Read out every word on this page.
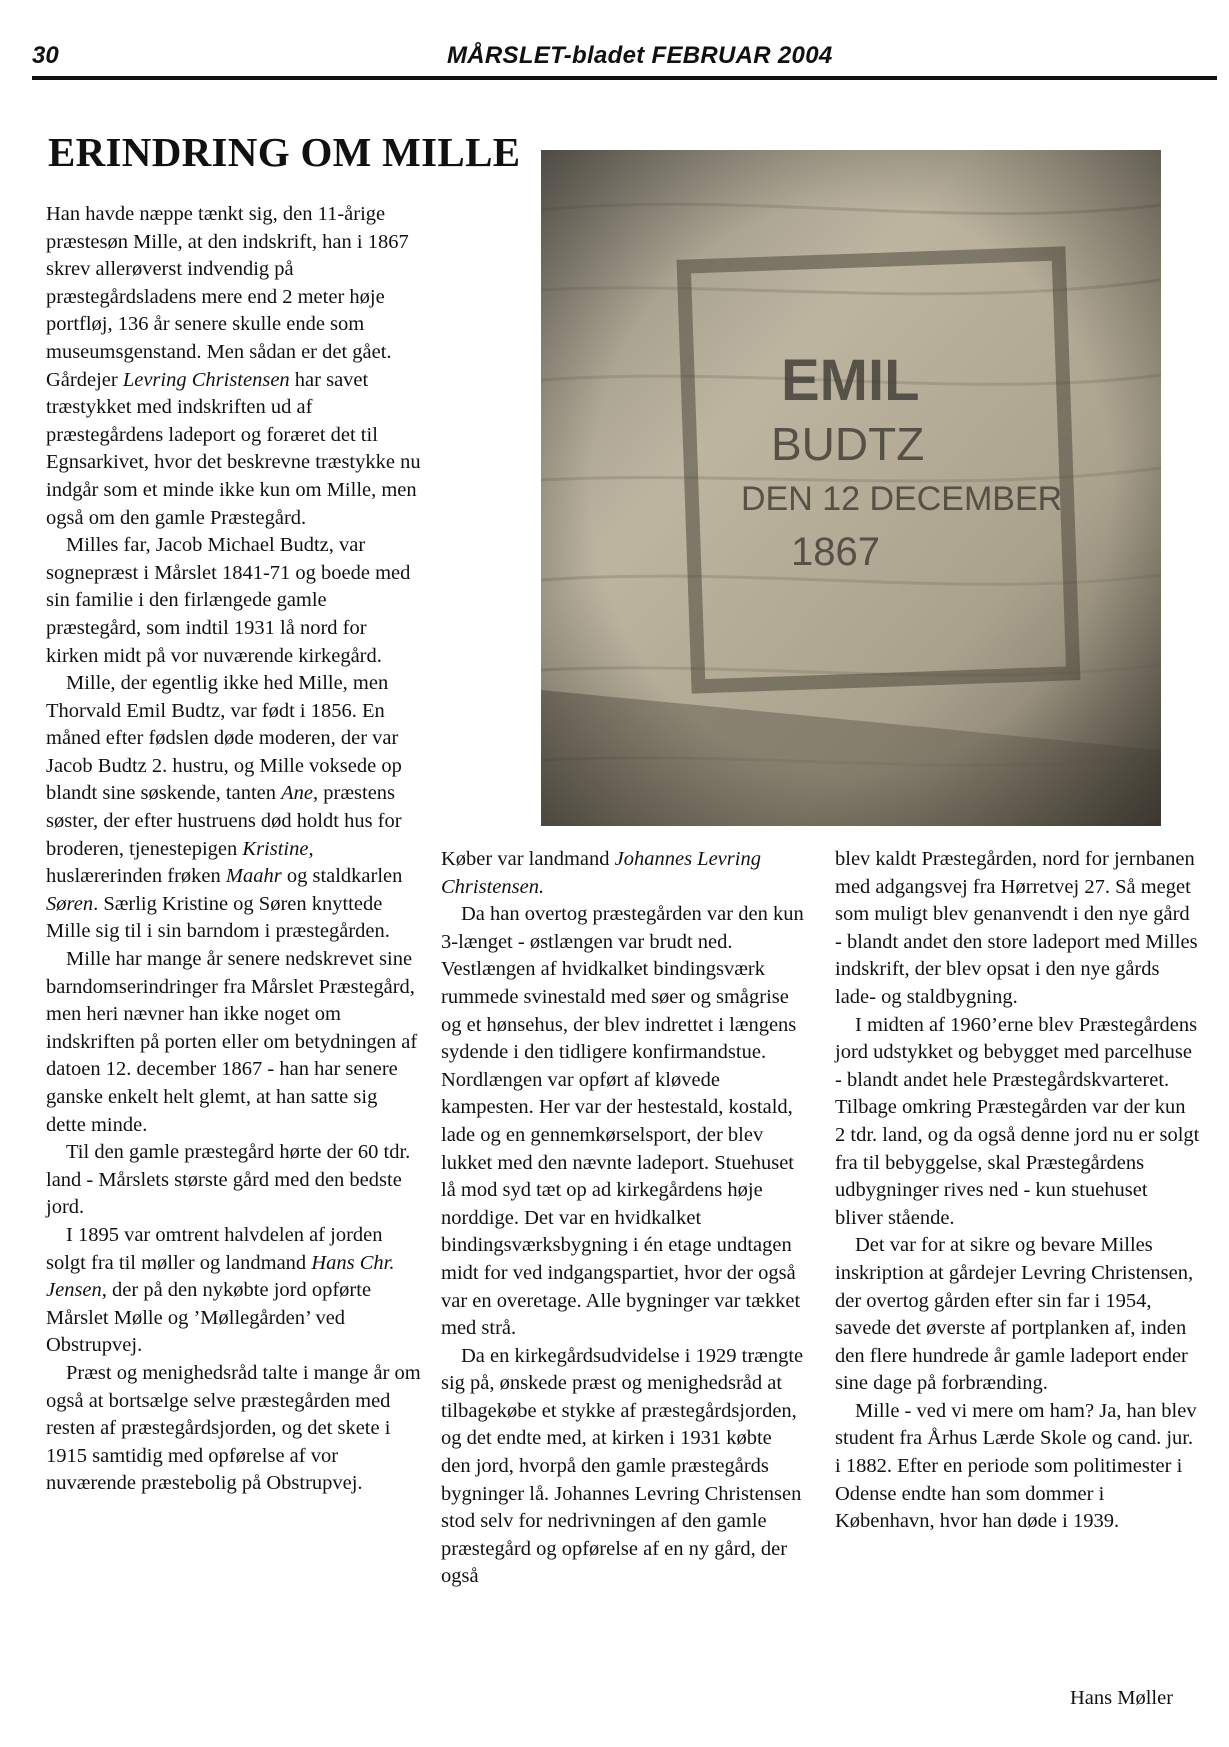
30	MÅRSLET-bladet FEBRUAR 2004
ERINDRING OM MILLE

Han havde næppe tænkt sig, den 11-årige præstesøn Mille, at den indskrift, han i 1867 skrev allerøverst indvendig på præstegårdsladens mere end 2 meter høje portfløj, 136 år senere skulle ende som museumsgenstand. Men sådan er det gået. Gårdejer Levring Christensen har savet træstykket med indskriften ud af præstegårdens ladeport og foræret det til Egnsarkivet, hvor det beskrevne træstykke nu indgår som et minde ikke kun om Mille, men også om den gamle Præstegård.

Milles far, Jacob Michael Budtz, var sognepræst i Mårslet 1841-71 og boede med sin familie i den firlængede gamle præstegård, som indtil 1931 lå nord for kirken midt på vor nuværende kirkegård.

Mille, der egentlig ikke hed Mille, men Thorvald Emil Budtz, var født i 1856. En måned efter fødslen døde moderen, der var Jacob Budtz 2. hustru, og Mille voksede op blandt sine søskende, tanten Ane, præstens søster, der efter hustruens død holdt hus for broderen, tjenestepigen Kristine, huslærerinden frøken Maahr og staldkarlen Søren. Særlig Kristine og Søren knyttede Mille sig til i sin barndom i præstegården.

Mille har mange år senere nedskrevet sine barndomserindringer fra Mårslet Præstegård, men heri nævner han ikke noget om indskriften på porten eller om betydningen af datoen 12. december 1867 - han har senere ganske enkelt helt glemt, at han satte sig dette minde.

Til den gamle præstegård hørte der 60 tdr. land - Mårslets største gård med den bedste jord.

I 1895 var omtrent halvdelen af jorden solgt fra til møller og landmand Hans Chr. Jensen, der på den nykøbte jord opførte Mårslet Mølle og ’Møllegården’ ved Obstrupvej.

Præst og menighedsråd talte i mange år om også at bortsælge selve præstegården med resten af præstegårdsjorden, og det skete i 1915 samtidig med opførelse af vor nuværende præstebolig på Obstrupvej.

Køber var landmand Johannes Levring Christensen.

Da han overtog præstegården var den kun 3-længet - østlængen var brudt ned. Vestlængen af hvidkalket bindingsværk rummede svinestald med søer og smågrise og et hønsehus, der blev indrettet i længens sydende i den tidligere konfirmandstue. Nordlængen var opført af kløvede kampesten. Her var der hestestald, kostald, lade og en gennemkørselsport, der blev lukket med den nævnte ladeport. Stuehuset lå mod syd tæt op ad kirkegårdens høje norddige. Det var en hvidkalket bindingsværksbygning i én etage undtagen midt for ved indgangspartiet, hvor der også var en overetage. Alle bygninger var tækket med strå.

Da en kirkegårdsudvidelse i 1929 trængte sig på, ønskede præst og menighedsråd at tilbagekøbe et stykke af præstegårdsjorden, og det endte med, at kirken i 1931 købte den jord, hvorpå den gamle præstegårds bygninger lå. Johannes Levring Christensen stod selv for nedrivningen af den gamle præstegård og opførelse af en ny gård, der også

blev kaldt Præstegården, nord for jernbanen med adgangsvej fra Hørretvej 27. Så meget som muligt blev genanvendt i den nye gård - blandt andet den store ladeport med Milles indskrift, der blev opsat i den nye gårds lade- og staldbygning.

I midten af 1960’erne blev Præstegårdens jord udstykket og bebygget med parcelhuse - blandt andet hele Præstegårdskvarteret. Tilbage omkring Præstegården var der kun 2 tdr. land, og da også denne jord nu er solgt fra til bebyggelse, skal Præstegårdens udbygninger rives ned - kun stuehuset bliver stående.

Det var for at sikre og bevare Milles inskription at gårdejer Levring Christensen, der overtog gården efter sin far i 1954, savede det øverste af portplanken af, inden den flere hundrede år gamle ladeport ender sine dage på forbrænding.

Mille - ved vi mere om ham? Ja, han blev student fra Århus Lærde Skole og cand. jur. i 1882. Efter en periode som politimester i Odense endte han som dommer i København, hvor han døde i 1939.

Hans Møller
